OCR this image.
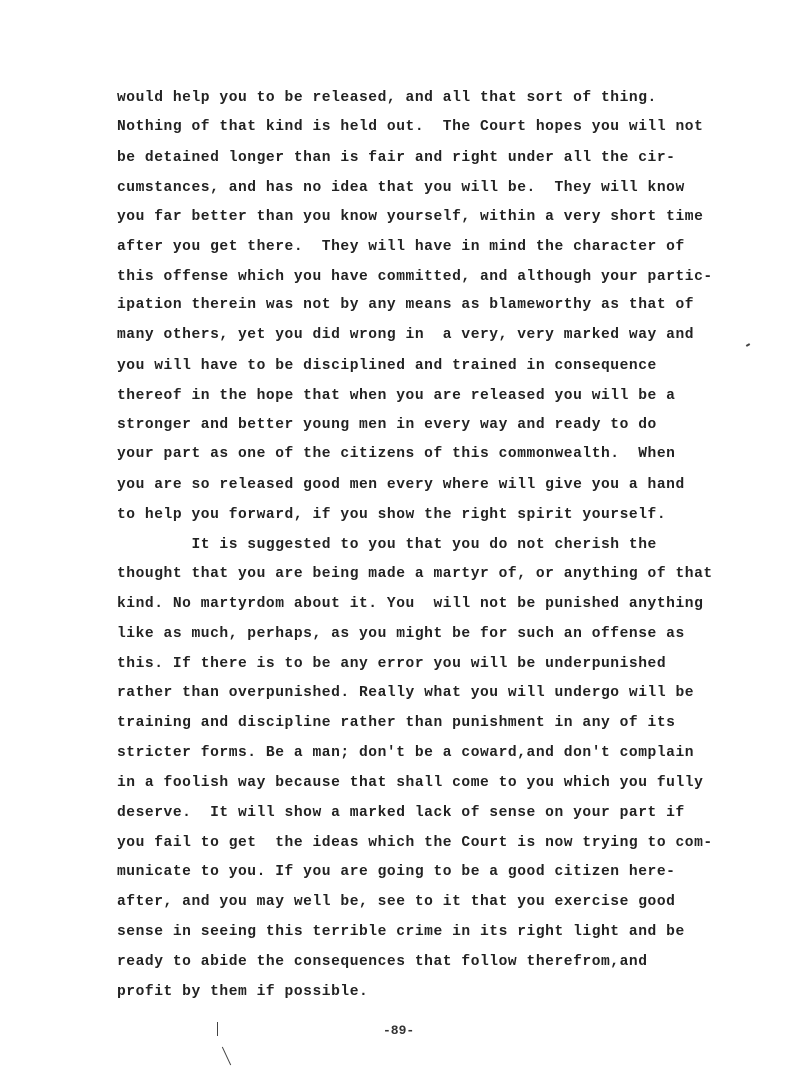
would help you to be released, and all that sort of thing.
Nothing of that kind is held out.  The Court hopes you will not
be detained longer than is fair and right under all the cir-
cumstances, and has no idea that you will be.  They will know
you far better than you know yourself, within a very short time
after you get there.  They will have in mind the character of
this offense which you have committed, and although your partic-
ipation therein was not by any means as blameworthy as that of
many others, yet you did wrong in  a very, very marked way and
you will have to be disciplined and trained in consequence
thereof in the hope that when you are released you will be a
stronger and better young men in every way and ready to do
your part as one of the citizens of this commonwealth.  When
you are so released good men every where will give you a hand
to help you forward, if you show the right spirit yourself.
It is suggested to you that you do not cherish the
thought that you are being made a martyr of, or anything of that
kind. No martyrdom about it. You  will not be punished anything
like as much, perhaps, as you might be for such an offense as
this. If there is to be any error you will be underpunished
rather than overpunished. Really what you will undergo will be
training and discipline rather than punishment in any of its
stricter forms. Be a man; don't be a coward,and don't complain
in a foolish way because that shall come to you which you fully
deserve.  It will show a marked lack of sense on your part if
you fail to get  the ideas which the Court is now trying to com-
municate to you. If you are going to be a good citizen here-
after, and you may well be, see to it that you exercise good
sense in seeing this terrible crime in its right light and be
ready to abide the consequences that follow therefrom,and
profit by them if possible.
-89-
